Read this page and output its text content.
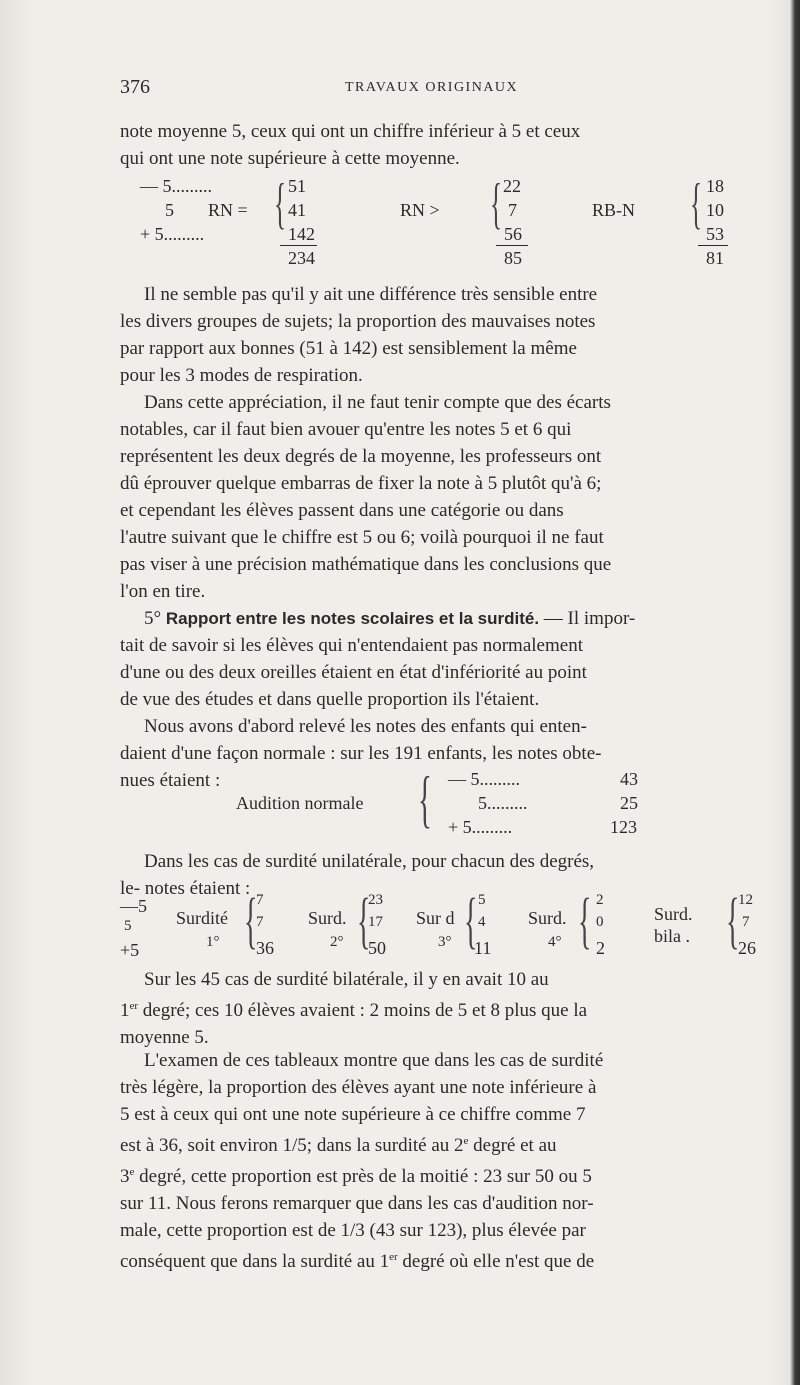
376	TRAVAUX ORIGINAUX

note moyenne 5, ceux qui ont un chiffre inférieur à 5 et ceux

qui ont une note supérieure à cette moyenne.

— 5.........
5
+ 5.........
RN = { 51
41
142
234
RN > { 22
7
56
85
RB-N { 18
10
53
81

Il ne semble pas qu'il y ait une différence très sensible entre

les divers groupes de sujets; la proportion des mauvaises notes

par rapport aux bonnes (51 à 142) est sensiblement la même

pour les 3 modes de respiration.

Dans cette appréciation, il ne faut tenir compte que des écarts

notables, car il faut bien avouer qu'entre les notes 5 et 6 qui

représentent les deux degrés de la moyenne, les professeurs ont

dû éprouver quelque embarras de fixer la note à 5 plutôt qu'à 6;

et cependant les élèves passent dans une catégorie ou dans

l'autre suivant que le chiffre est 5 ou 6; voilà pourquoi il ne faut

pas viser à une précision mathématique dans les conclusions que

l'on en tire.

5° Rapport entre les notes scolaires et la surdité. — Il impor-

tait de savoir si les élèves qui n'entendaient pas normalement

d'une ou des deux oreilles étaient en état d'infériorité au point

de vue des études et dans quelle proportion ils l'étaient.

Nous avons d'abord relevé les notes des enfants qui enten-

daient d'une façon normale : sur les 191 enfants, les notes obte-

nues étaient :

Audition normale { — 5.........
5.........
+ 5.........
43
25
123

Dans les cas de surdité unilatérale, pour chacun des degrés,

le- notes étaient :

—5
5
+5
Surdité
1° {
7
7
36
Surd.
2° {
23
17
50
Sur d
3° { 5
4
11
Surd.
4° { 2
0
2
Surd.
bila . {
12
7
26

Sur les 45 cas de surdité bilatérale, il y en avait 10 au

1er degré; ces 10 élèves avaient : 2 moins de 5 et 8 plus que la

moyenne 5.

L'examen de ces tableaux montre que dans les cas de surdité

très légère, la proportion des élèves ayant une note inférieure à

5 est à ceux qui ont une note supérieure à ce chiffre comme 7

est à 36, soit environ 1/5; dans la surdité au 2e degré et au

3e degré, cette proportion est près de la moitié : 23 sur 50 ou 5

sur 11. Nous ferons remarquer que dans les cas d'audition nor-

male, cette proportion est de 1/3 (43 sur 123), plus élevée par

conséquent que dans la surdité au 1er degré où elle n'est que de
